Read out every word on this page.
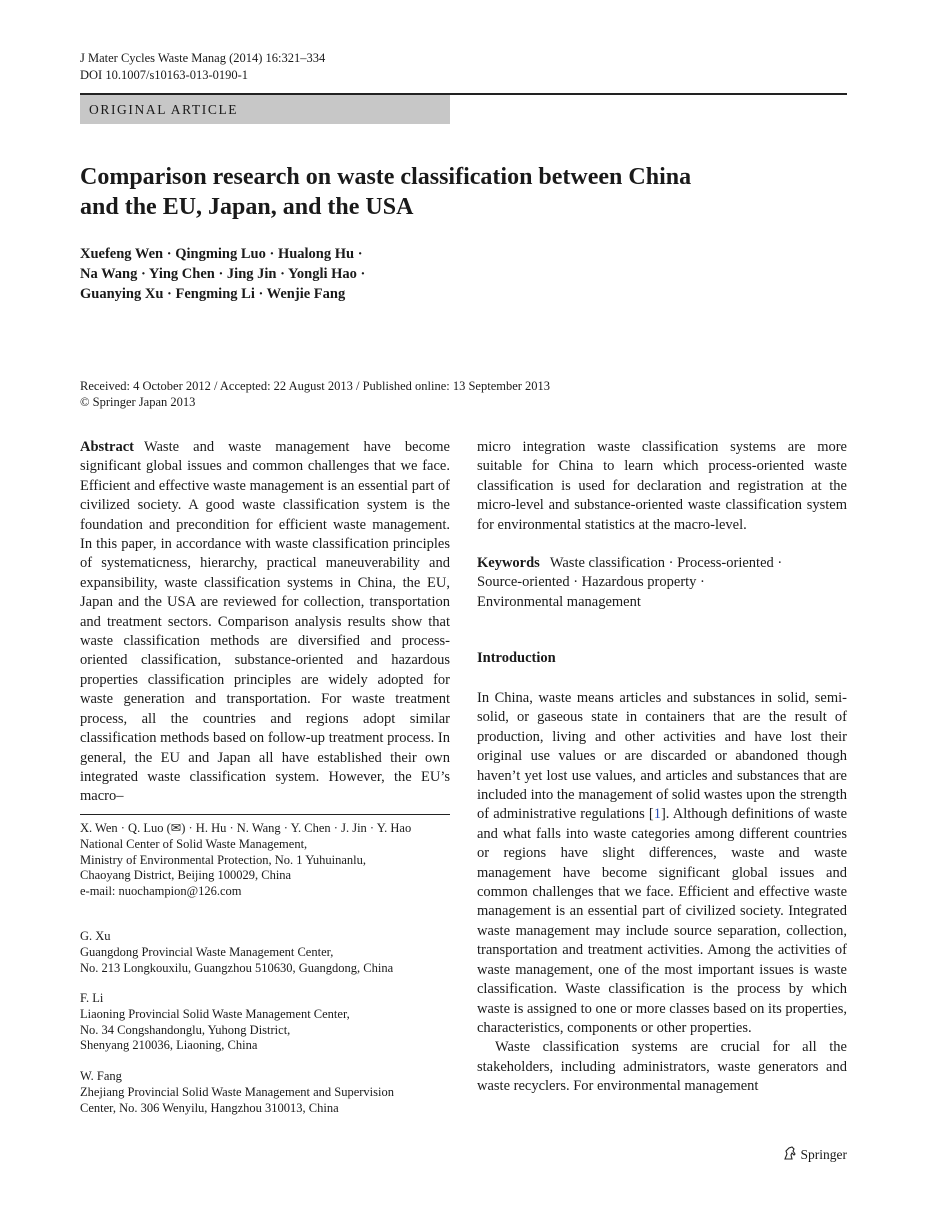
J Mater Cycles Waste Manag (2014) 16:321–334
DOI 10.1007/s10163-013-0190-1
ORIGINAL ARTICLE
Comparison research on waste classification between China
and the EU, Japan, and the USA
Xuefeng Wen · Qingming Luo · Hualong Hu ·
Na Wang · Ying Chen · Jing Jin · Yongli Hao ·
Guanying Xu · Fengming Li · Wenjie Fang
Received: 4 October 2012 / Accepted: 22 August 2013 / Published online: 13 September 2013
© Springer Japan 2013

Abstract Waste and waste management have become significant global issues and common challenges that we face. Efficient and effective waste management is an essential part of civilized society. A good waste classification system is the foundation and precondition for efficient waste management. In this paper, in accordance with waste classification principles of systematicness, hierarchy, practical maneuverability and expansibility, waste classification systems in China, the EU, Japan and the USA are reviewed for collection, transportation and treatment sectors. Comparison analysis results show that waste classification methods are diversified and process-oriented classification, substance-oriented and hazardous properties classification principles are widely adopted for waste generation and transportation. For waste treatment process, all the countries and regions adopt similar classification methods based on follow-up treatment process. In general, the EU and Japan all have established their own integrated waste classification system. However, the EU’s macro–

X. Wen · Q. Luo (✉) · H. Hu · N. Wang · Y. Chen · J. Jin · Y. Hao

National Center of Solid Waste Management,

Ministry of Environmental Protection, No. 1 Yuhuinanlu,

Chaoyang District, Beijing 100029, China

e-mail: nuochampion@126.com

G. Xu

Guangdong Provincial Waste Management Center,

No. 213 Longkouxilu, Guangzhou 510630, Guangdong, China

F. Li

Liaoning Provincial Solid Waste Management Center,

No. 34 Congshandonglu, Yuhong District,

Shenyang 210036, Liaoning, China

W. Fang

Zhejiang Provincial Solid Waste Management and Supervision

Center, No. 306 Wenyilu, Hangzhou 310013, China

micro integration waste classification systems are more suitable for China to learn which process-oriented waste classification is used for declaration and registration at the micro-level and substance-oriented waste classification system for environmental statistics at the macro-level.

Keywords Waste classification · Process-oriented ·
Source-oriented · Hazardous property ·
Environmental management
Introduction

In China, waste means articles and substances in solid, semi-solid, or gaseous state in containers that are the result of production, living and other activities and have lost their original use values or are discarded or abandoned though haven’t yet lost use values, and articles and substances that are included into the management of solid wastes upon the strength of administrative regulations [1]. Although definitions of waste and what falls into waste categories among different countries or regions have slight differences, waste and waste management have become significant global issues and common challenges that we face. Efficient and effective waste management is an essential part of civilized society. Integrated waste management may include source separation, collection, transportation and treatment activities. Among the activities of waste management, one of the most important issues is waste classification. Waste classification is the process by which waste is assigned to one or more classes based on its properties, characteristics, components or other properties.

Waste classification systems are crucial for all the stakeholders, including administrators, waste generators and waste recyclers. For environmental management

Springer
